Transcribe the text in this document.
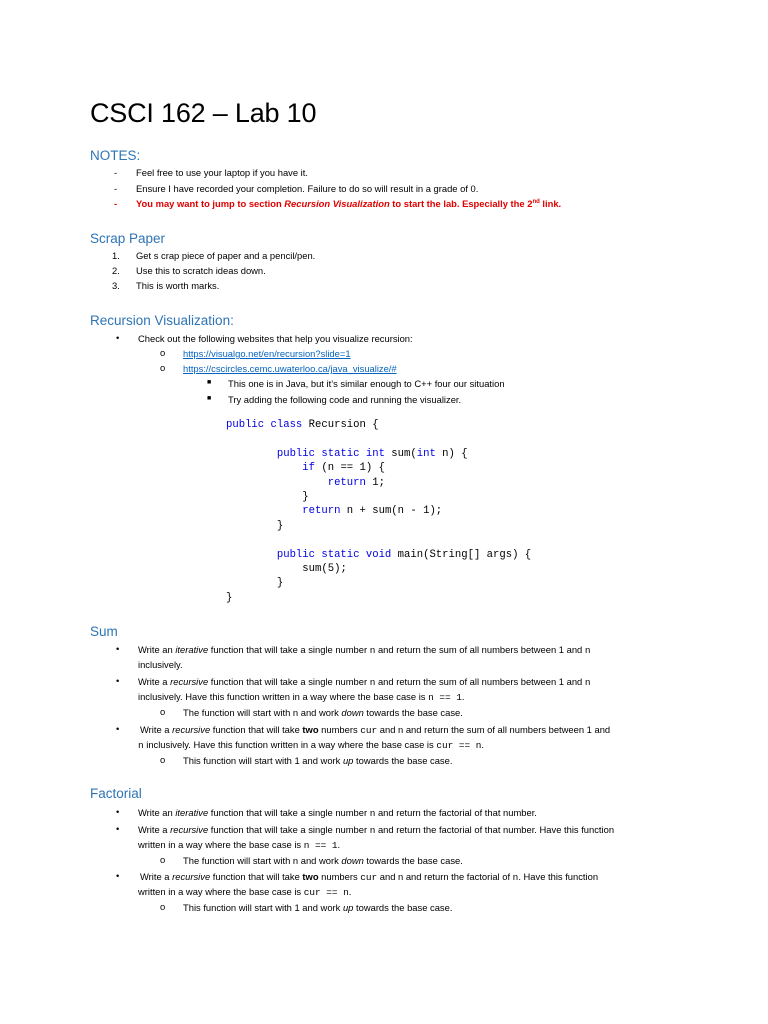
CSCI 162 – Lab 10
NOTES:
- Feel free to use your laptop if you have it.
- Ensure I have recorded your completion. Failure to do so will result in a grade of 0.
- You may want to jump to section Recursion Visualization to start the lab. Especially the 2nd link.
Scrap Paper
1. Get s crap piece of paper and a pencil/pen.
2. Use this to scratch ideas down.
3. This is worth marks.
Recursion Visualization:
• Check out the following websites that help you visualize recursion:
o https://visualgo.net/en/recursion?slide=1
o https://cscircles.cemc.uwaterloo.ca/java_visualize/#
■ This one is in Java, but it’s similar enough to C++ four our situation
■ Try adding the following code and running the visualizer.
public class Recursion {

public static int sum(int n) {
if (n == 1) {
return 1;
}
return n + sum(n - 1);
}

public static void main(String[] args) {
sum(5);
}
}
Sum
• Write an iterative function that will take a single number n and return the sum of all numbers between 1 and n
inclusively.
• Write a recursive function that will take a single number n and return the sum of all numbers between 1 and n
inclusively. Have this function written in a way where the base case is n == 1.
o The function will start with n and work down towards the base case.
• Write a recursive function that will take two numbers cur and n and return the sum of all numbers between 1 and
n inclusively. Have this function written in a way where the base case is cur == n.
o This function will start with 1 and work up towards the base case.
Factorial
• Write an iterative function that will take a single number n and return the factorial of that number.
• Write a recursive function that will take a single number n and return the factorial of that number. Have this function
written in a way where the base case is n == 1.
o The function will start with n and work down towards the base case.
• Write a recursive function that will take two numbers cur and n and return the factorial of n. Have this function
written in a way where the base case is cur == n.
o This function will start with 1 and work up towards the base case.
